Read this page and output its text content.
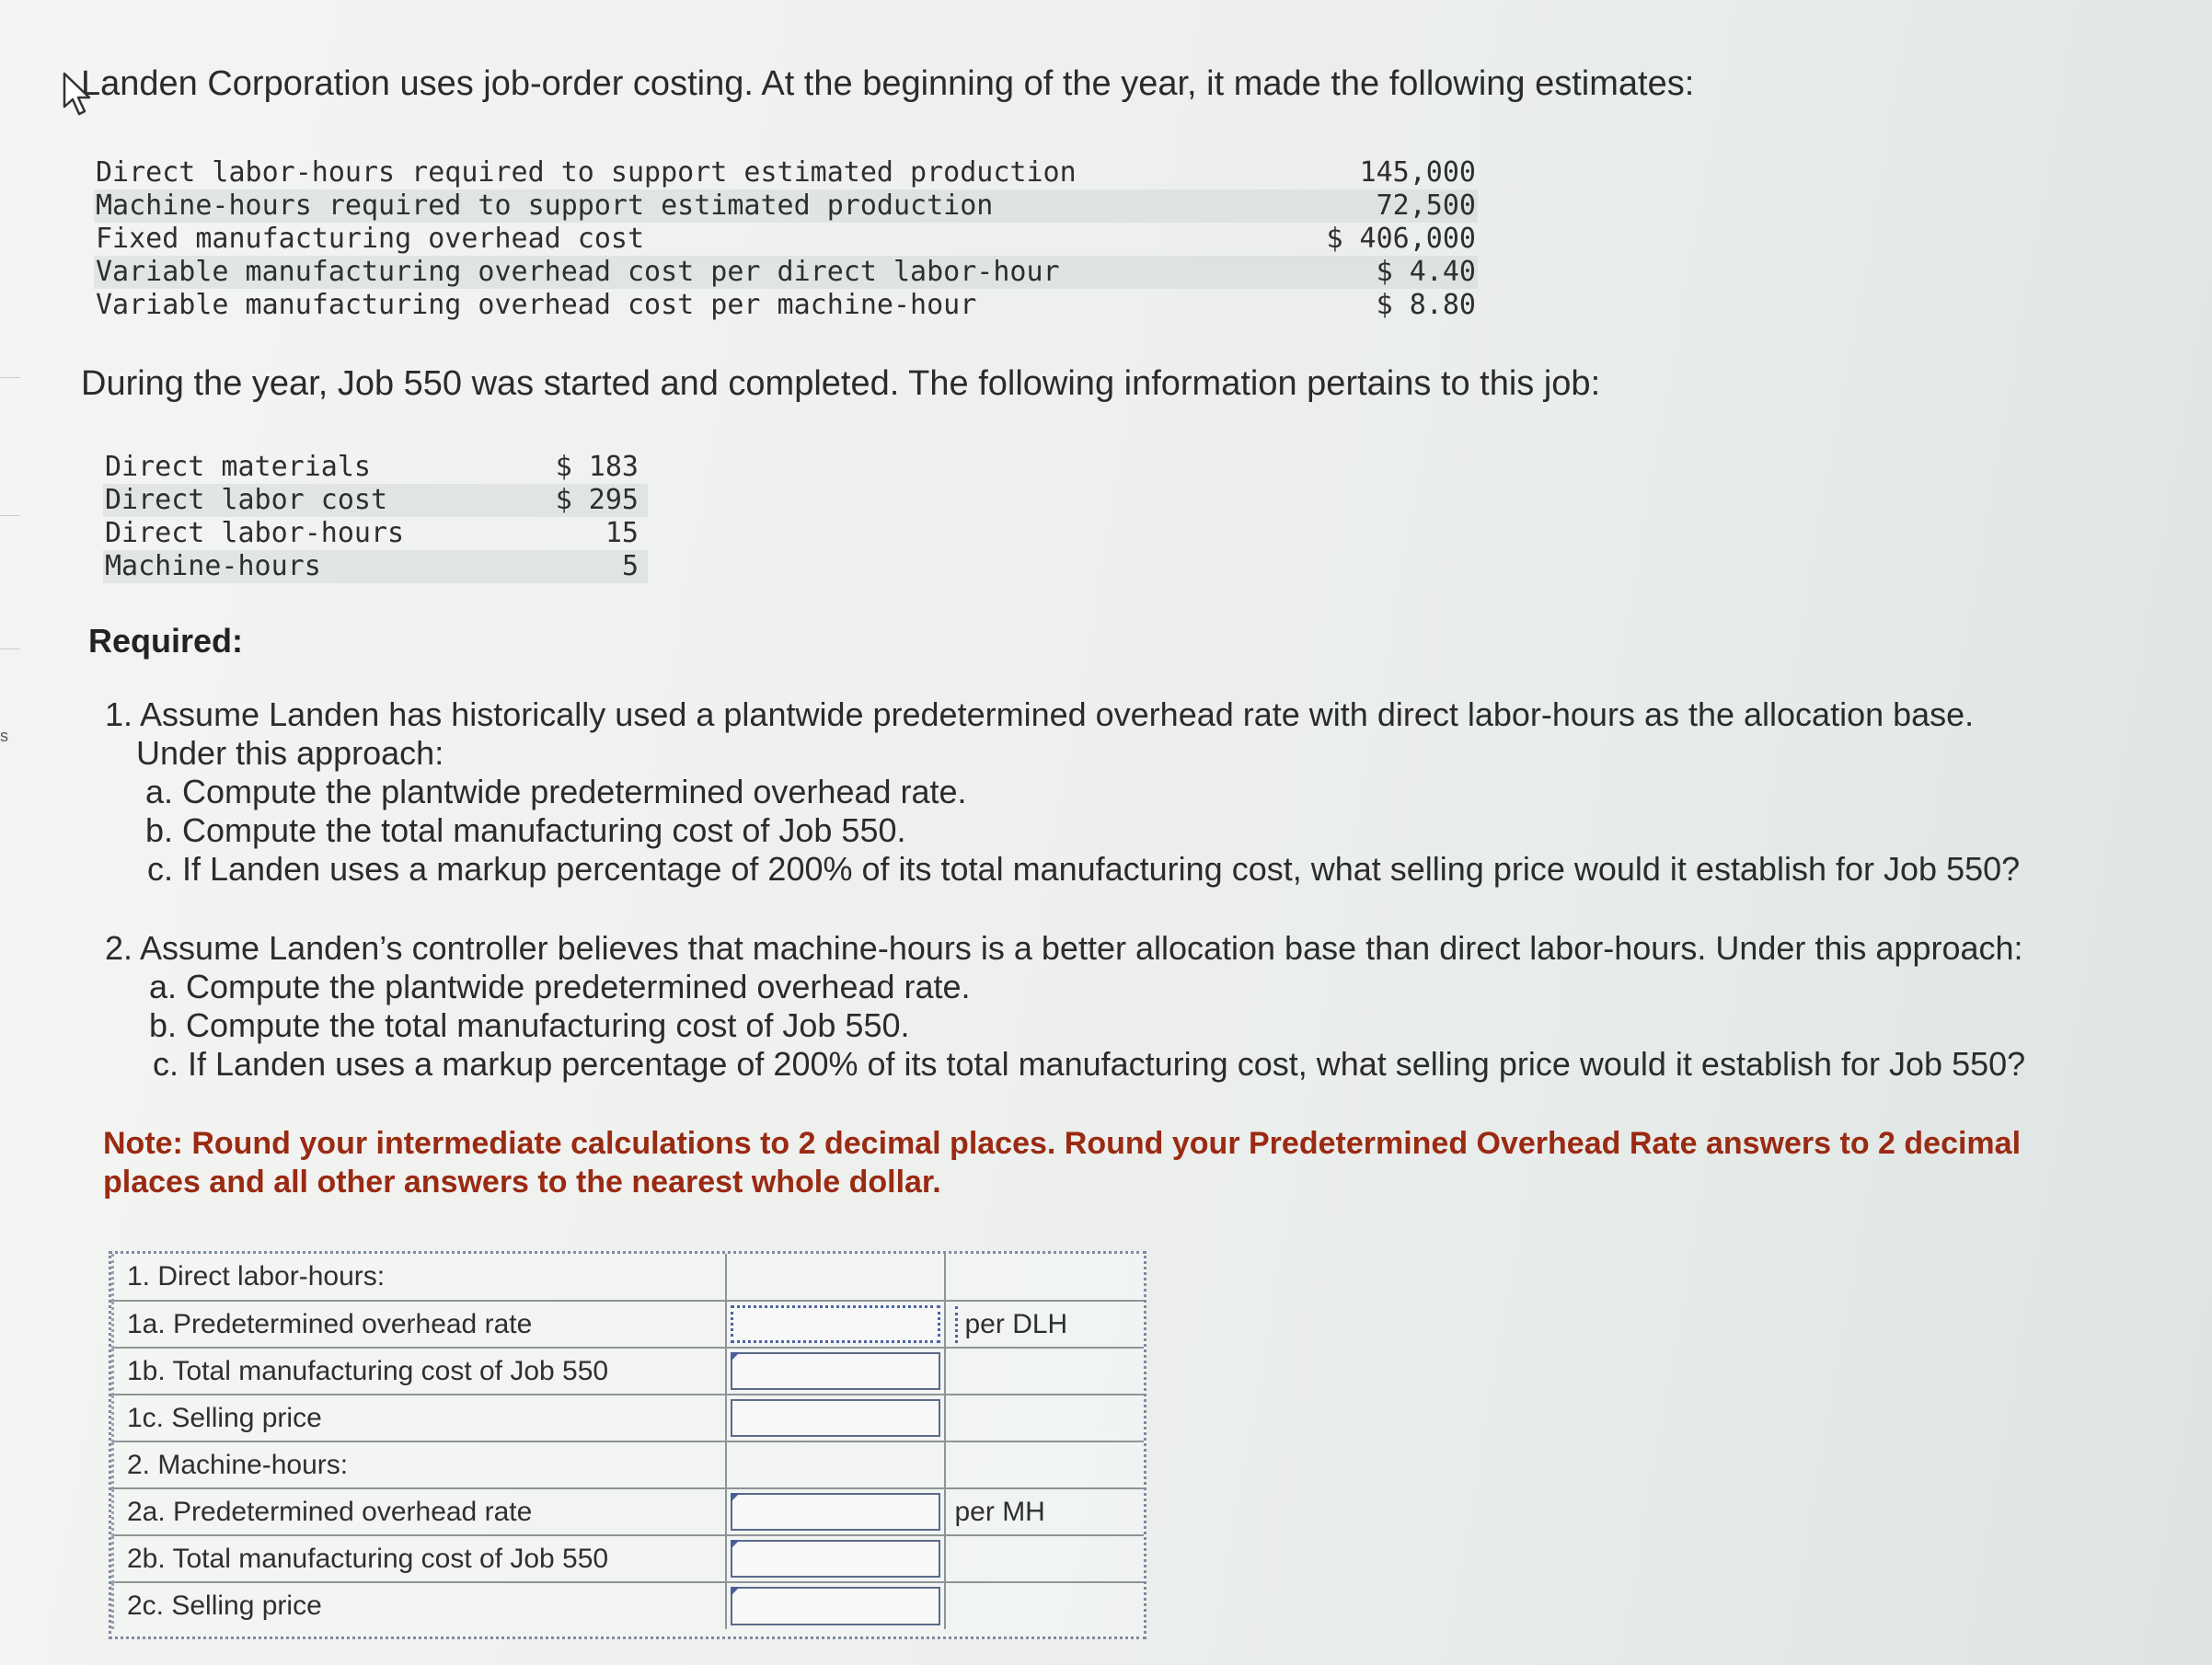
s
Landen Corporation uses job-order costing. At the beginning of the year, it made the following estimates:
Direct labor-hours required to support estimated production	145,000
Machine-hours required to support estimated production	72,500
Fixed manufacturing overhead cost	$ 406,000
Variable manufacturing overhead cost per direct labor-hour	$ 4.40
Variable manufacturing overhead cost per machine-hour	$ 8.80
During the year, Job 550 was started and completed. The following information pertains to this job:
Direct materials	$ 183
Direct labor cost	$ 295
Direct labor-hours	15
Machine-hours	5
Required:
1. Assume Landen has historically used a plantwide predetermined overhead rate with direct labor-hours as the allocation base.
Under this approach:
a. Compute the plantwide predetermined overhead rate.
b. Compute the total manufacturing cost of Job 550.
c. If Landen uses a markup percentage of 200% of its total manufacturing cost, what selling price would it establish for Job 550?
2. Assume Landen’s controller believes that machine-hours is a better allocation base than direct labor-hours. Under this approach:
a. Compute the plantwide predetermined overhead rate.
b. Compute the total manufacturing cost of Job 550.
c. If Landen uses a markup percentage of 200% of its total manufacturing cost, what selling price would it establish for Job 550?
Note: Round your intermediate calculations to 2 decimal places. Round your Predetermined Overhead Rate answers to 2 decimal places and all other answers to the nearest whole dollar.
1. Direct labor-hours:		
1a. Predetermined overhead rate		per DLH
1b. Total manufacturing cost of Job 550	

1c. Selling price	

2. Machine-hours:		
2a. Predetermined overhead rate		per MH
2b. Total manufacturing cost of Job 550	

2c. Selling price	
